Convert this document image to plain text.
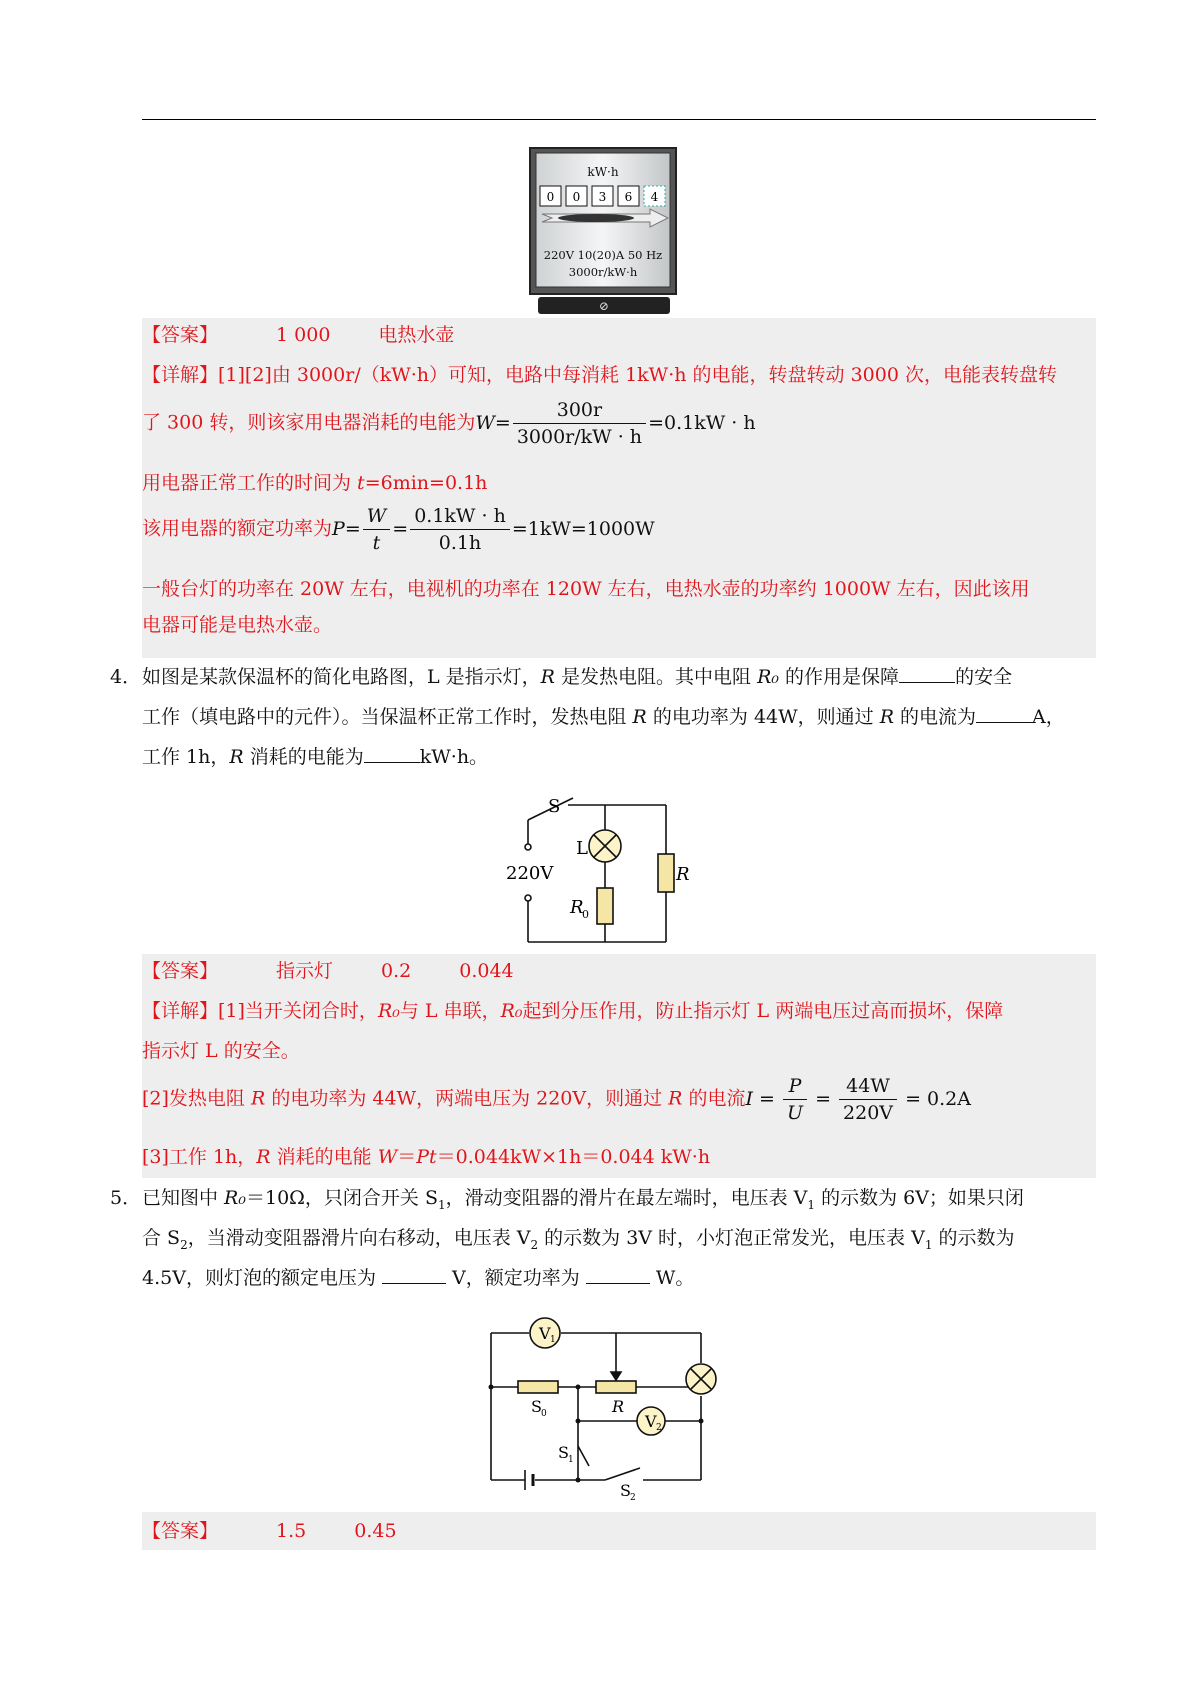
kW·h
0 0 3 6 4
220V 10(20)A 50 Hz
3000r/kW·h
⊘
【答案】	1 000	电热水壶
【详解】[1][2]由 3000r/（kW·h）可知，电路中每消耗 1kW·h 的电能，转盘转动 3000 次，电能表转盘转
了 300 转，则该家用电器消耗的电能为$W= \frac{300r}{3000r/kW \cdot h} =0.1kW \cdot h$
用电器正常工作的时间为 t=6min=0.1h
该用电器的额定功率为$P= \frac{W}{t} = \frac{0.1kW \cdot h}{0.1h} =1kW=1000W$
一般台灯的功率在 20W 左右，电视机的功率在 120W 左右，电热水壶的功率约 1000W 左右，因此该用
电器可能是电热水壶。
4．如图是某款保温杯的简化电路图，L 是指示灯，R 是发热电阻。其中电阻 R₀ 的作用是保障	的安全
工作（填电路中的元件）。当保温杯正常工作时，发热电阻 R 的电功率为 44W，则通过 R 的电流为	A，
工作 1h，R 消耗的电能为	kW·h。
S
L
220V	R
R
0
【答案】	指示灯	0.2	0.044
【详解】[1]当开关闭合时，R₀与 L 串联，R₀起到分压作用，防止指示灯 L 两端电压过高而损坏，保障
指示灯 L 的安全。
[2]发热电阻 R 的电功率为 44W，两端电压为 220V，则通过 R 的电流$I = \frac{P}{U} = \frac{44W}{220V} = 0.2A$
[3]工作 1h，R 消耗的电能 W＝Pt＝0.044kW×1h＝0.044 kW·h
5．已知图中 R₀＝10Ω，只闭合开关 $S_1$，滑动变阻器的滑片在最左端时，电压表 $V_1$ 的示数为 6V；如果只闭
合 $S_2$，当滑动变阻器滑片向右移动，电压表 $V_2$ 的示数为 3V 时，小灯泡正常发光，电压表 $V_1$ 的示数为
4.5V，则灯泡的额定电压为	V，额定功率为	W。
V 1
V 2
S 0	R
S 1
S 2
【答案】	1.5	0.45
